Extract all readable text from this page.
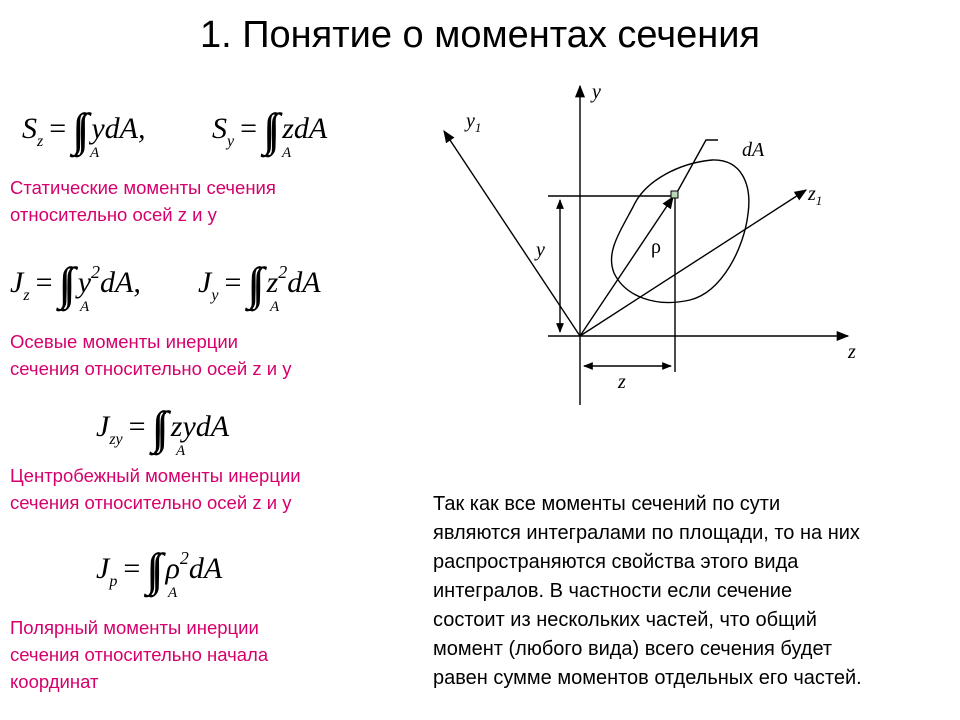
1. Понятие о моментах сечения
Sz = ∫∫ ydA,
A
Sy = ∫∫ zdA
A
Статические моменты сечения
относительно осей z и y
Jz = ∫∫ y2dA,
A
Jy = ∫∫ z2dA
A
Осевые моменты инерции
сечения относительно осей z и y
Jzy = ∫∫ zydA
A
Центробежный моменты инерции
сечения относительно осей z и y
Jp = ∫∫ ρ2dA
A
Полярный моменты инерции
сечения относительно начала
координат
Так как все моменты сечений по сути
являются интегралами по площади, то на них
распространяются свойства этого вида
интегралов. В частности если сечение
состоит из нескольких частей, что общий
момент (любого вида) всего сечения будет
равен сумме моментов отдельных его частей.
y
$y_1$
z
$z_1$
dA
ρ
y
z
